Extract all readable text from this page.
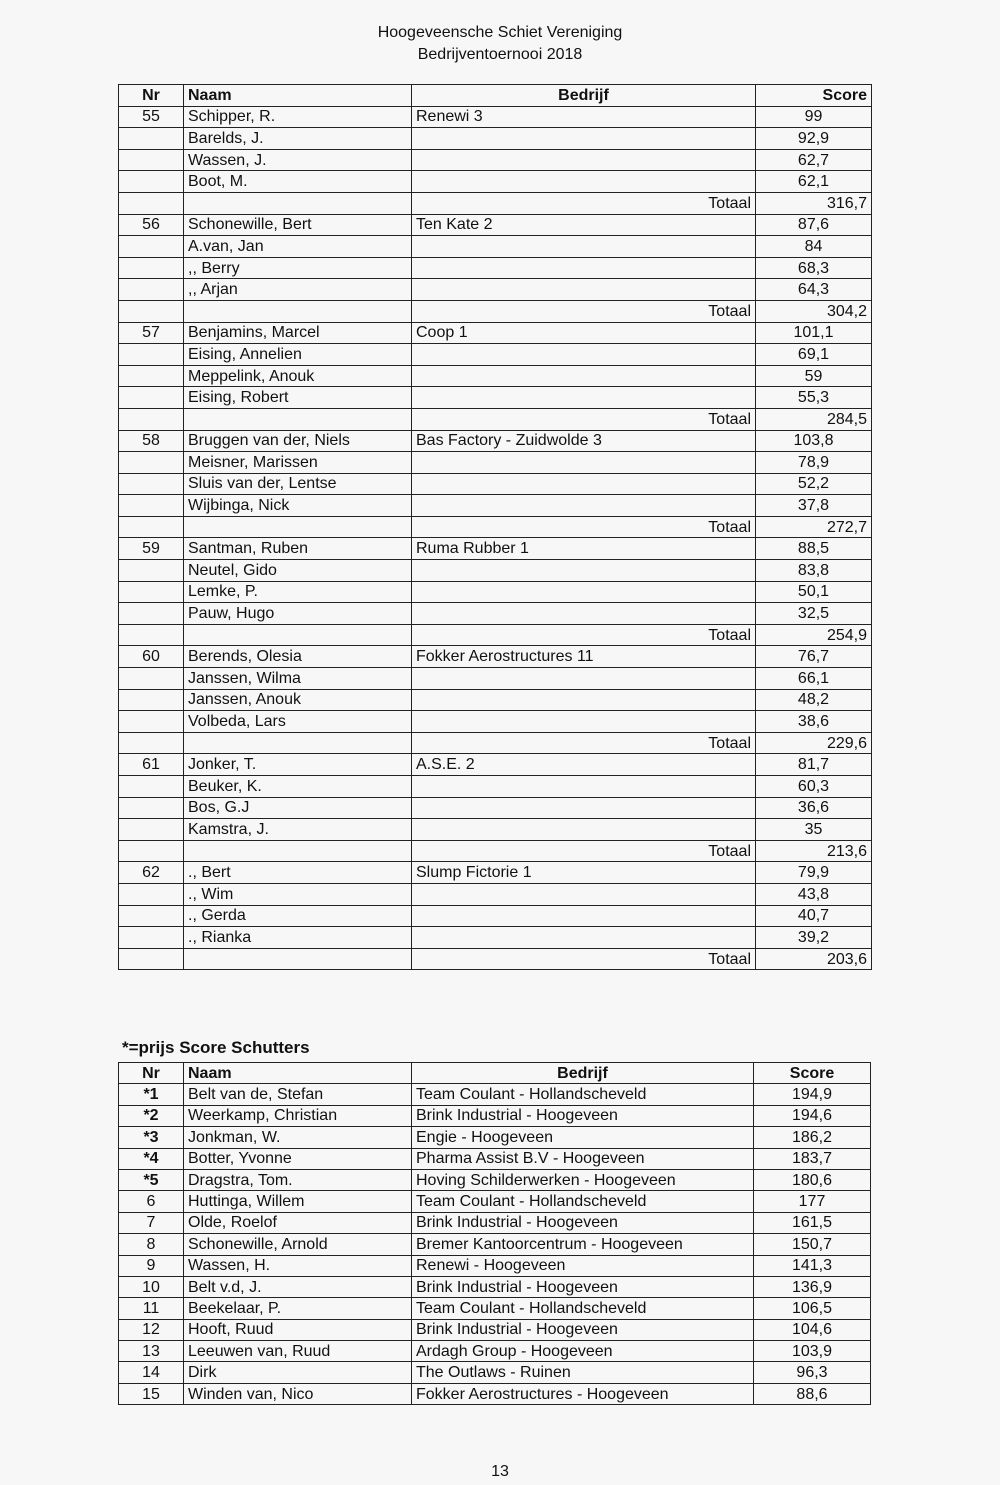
Hoogeveensche Schiet Vereniging
Bedrijventoernooi 2018
Nr	Naam	Bedrijf	Score
55	Schipper, R.	Renewi 3	99
	Barelds, J.		92,9
	Wassen, J.		62,7
	Boot, M.		62,1
		Totaal	316,7
56	Schonewille, Bert	Ten Kate 2	87,6
	A.van, Jan		84
	,, Berry		68,3
	,, Arjan		64,3
		Totaal	304,2
57	Benjamins, Marcel	Coop 1	101,1
	Eising, Annelien		69,1
	Meppelink, Anouk		59
	Eising, Robert		55,3
		Totaal	284,5
58	Bruggen van der, Niels	Bas Factory - Zuidwolde 3	103,8
	Meisner, Marissen		78,9
	Sluis van der, Lentse		52,2
	Wijbinga, Nick		37,8
		Totaal	272,7
59	Santman, Ruben	Ruma Rubber 1	88,5
	Neutel, Gido		83,8
	Lemke, P.		50,1
	Pauw, Hugo		32,5
		Totaal	254,9
60	Berends, Olesia	Fokker Aerostructures 11	76,7
	Janssen, Wilma		66,1
	Janssen, Anouk		48,2
	Volbeda, Lars		38,6
		Totaal	229,6
61	Jonker, T.	A.S.E. 2	81,7
	Beuker, K.		60,3
	Bos, G.J		36,6
	Kamstra, J.		35
		Totaal	213,6
62	., Bert	Slump Fictorie 1	79,9
	., Wim		43,8
	., Gerda		40,7
	., Rianka		39,2
		Totaal	203,6
*=prijs Score Schutters
Nr	Naam	Bedrijf	Score
*1	Belt van de, Stefan	Team Coulant - Hollandscheveld	194,9
*2	Weerkamp, Christian	Brink Industrial - Hoogeveen	194,6
*3	Jonkman, W.	Engie - Hoogeveen	186,2
*4	Botter, Yvonne	Pharma Assist B.V - Hoogeveen	183,7
*5	Dragstra, Tom.	Hoving Schilderwerken - Hoogeveen	180,6
6	Huttinga, Willem	Team Coulant - Hollandscheveld	177
7	Olde, Roelof	Brink Industrial - Hoogeveen	161,5
8	Schonewille, Arnold	Bremer Kantoorcentrum - Hoogeveen	150,7
9	Wassen, H.	Renewi - Hoogeveen	141,3
10	Belt v.d, J.	Brink Industrial - Hoogeveen	136,9
11	Beekelaar, P.	Team Coulant - Hollandscheveld	106,5
12	Hooft, Ruud	Brink Industrial - Hoogeveen	104,6
13	Leeuwen van, Ruud	Ardagh Group - Hoogeveen	103,9
14	Dirk	The Outlaws - Ruinen	96,3
15	Winden van, Nico	Fokker Aerostructures - Hoogeveen	88,6
13
